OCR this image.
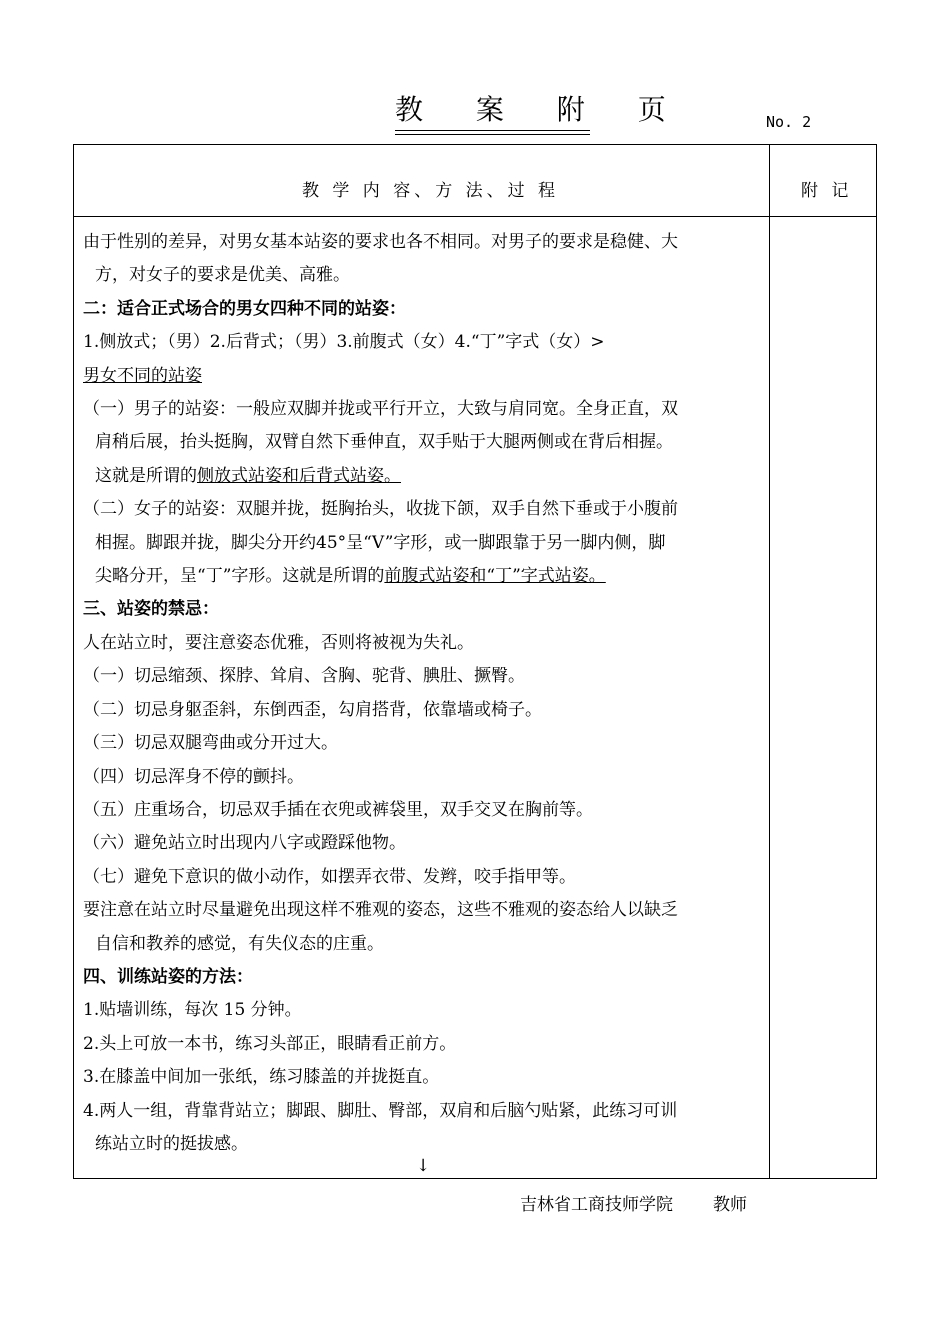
教 案 附 页	No. 2
教 学 内 容、方 法、过 程	附 记

由于性别的差异，对男女基本站姿的要求也各不相同。对男子的要求是稳健、大

方，对女子的要求是优美、高雅。

二：适合正式场合的男女四种不同的站姿：

1.侧放式；（男）2.后背式；（男）3.前腹式（女）4.“丁”字式（女）>

男女不同的站姿

（一）男子的站姿：一般应双脚并拢或平行开立，大致与肩同宽。全身正直，双

肩稍后展，抬头挺胸，双臂自然下垂伸直，双手贴于大腿两侧或在背后相握。

这就是所谓的侧放式站姿和后背式站姿。

（二）女子的站姿：双腿并拢，挺胸抬头，收拢下颌，双手自然下垂或于小腹前

相握。脚跟并拢，脚尖分开约45°呈“V”字形，或一脚跟靠于另一脚内侧，脚

尖略分开，呈“丁”字形。这就是所谓的前腹式站姿和“丁”字式站姿。

三、站姿的禁忌：

人在站立时，要注意姿态优雅，否则将被视为失礼。

（一）切忌缩颈、探脖、耸肩、含胸、驼背、腆肚、撅臀。

（二）切忌身躯歪斜，东倒西歪，勾肩搭背，依靠墙或椅子。

（三）切忌双腿弯曲或分开过大。

（四）切忌浑身不停的颤抖。

（五）庄重场合，切忌双手插在衣兜或裤袋里，双手交叉在胸前等。

（六）避免站立时出现内八字或蹬踩他物。

（七）避免下意识的做小动作，如摆弄衣带、发辫，咬手指甲等。

要注意在站立时尽量避免出现这样不雅观的姿态，这些不雅观的姿态给人以缺乏

自信和教养的感觉，有失仪态的庄重。

四、训练站姿的方法：

1.贴墙训练，每次 15 分钟。

2.头上可放一本书，练习头部正，眼睛看正前方。

3.在膝盖中间加一张纸，练习膝盖的并拢挺直。

4.两人一组，背靠背站立；脚跟、脚肚、臀部，双肩和后脑勺贴紧，此练习可训

练站立时的挺拔感。

↓
吉林省工商技师学院 教师
